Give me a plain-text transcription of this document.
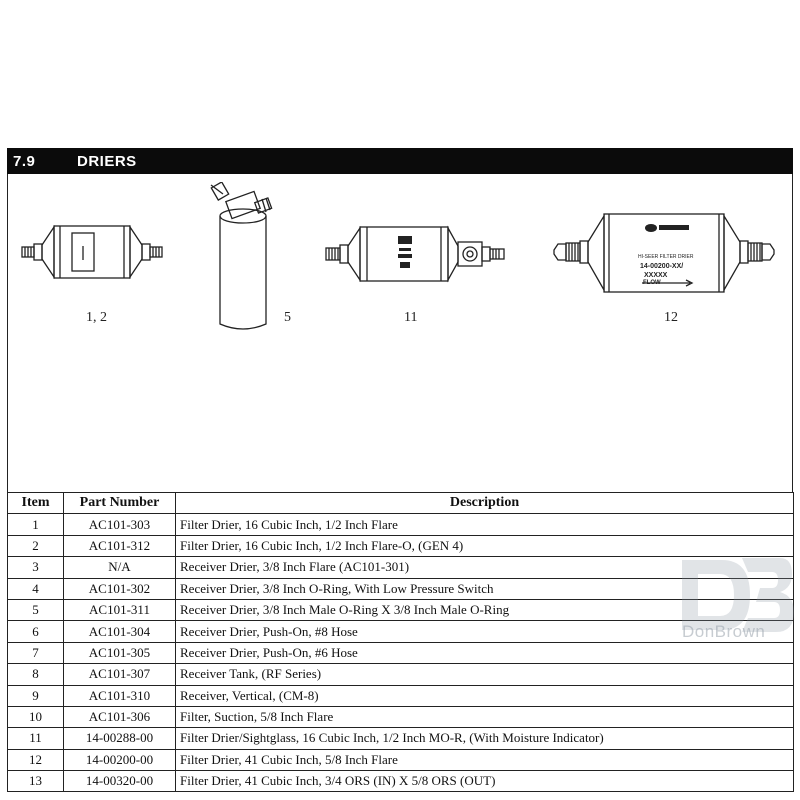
7.9	DRIERS
1, 2	5	11
HI-SEER FILTER DRIER
14-00200-XX/
XXXXX
FLOW
12
Item	Part Number	Description
1	AC101-303	Filter Drier, 16 Cubic Inch, 1/2 Inch Flare
2	AC101-312	Filter Drier, 16 Cubic Inch, 1/2 Inch Flare-O, (GEN 4)
3	N/A	Receiver Drier, 3/8 Inch Flare (AC101-301)
4	AC101-302	Receiver Drier, 3/8 Inch O-Ring, With Low Pressure Switch
5	AC101-311	Receiver Drier, 3/8 Inch Male O-Ring X 3/8 Inch Male O-Ring
6	AC101-304	Receiver Drier, Push-On, #8 Hose
7	AC101-305	Receiver Drier, Push-On, #6 Hose
8	AC101-307	Receiver Tank, (RF Series)
9	AC101-310	Receiver, Vertical, (CM-8)
10	AC101-306	Filter, Suction, 5/8 Inch Flare
11	14-00288-00	Filter Drier/Sightglass, 16 Cubic Inch, 1/2 Inch MO-R, (With Moisture Indicator)
12	14-00200-00	Filter Drier, 41 Cubic Inch, 5/8 Inch Flare
13	14-00320-00	Filter Drier, 41 Cubic Inch, 3/4 ORS (IN) X 5/8 ORS (OUT)
DonBrown
